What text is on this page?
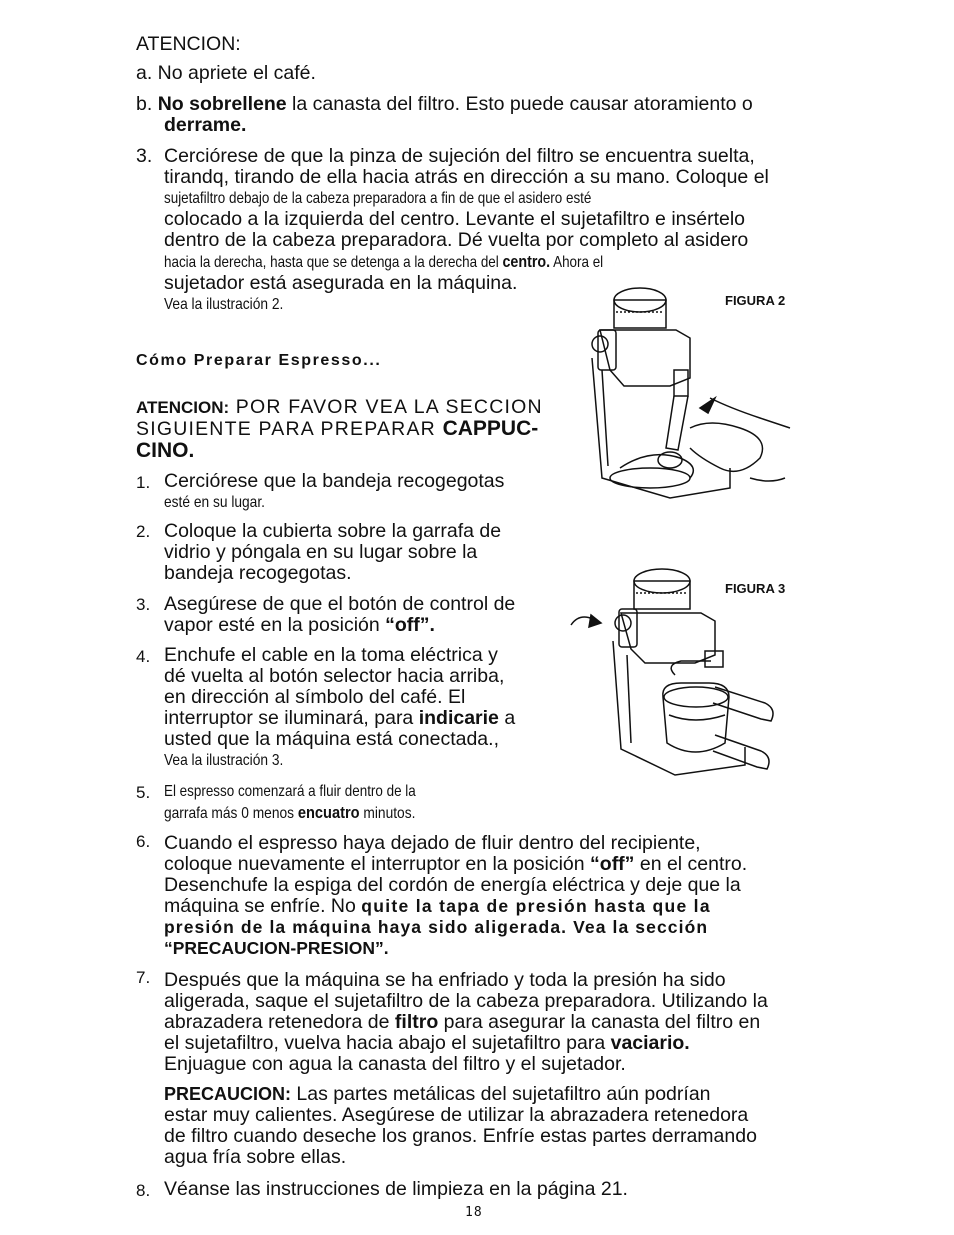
ATENCION:
a. No apriete el café.
b. No sobrellene la canasta del filtro. Esto puede causar atoramiento o
derrame.
3. Cerciórese de que la pinza de sujeción del filtro se encuentra suelta,
tirandq, tirando de ella hacia atrás en dirección a su mano. Coloque el
sujetafiltro debajo de la cabeza preparadora a fin de que el asidero esté
colocado a la izquierda del centro. Levante el sujetafiltro e insértelo
dentro de la cabeza preparadora. Dé vuelta por completo al asidero
hacia la derecha, hasta que se detenga a la derecha del centro. Ahora el
sujetador está asegurada en la máquina.
Vea la ilustración 2.	FIGURA 2
Cómo Preparar Espresso...
ATENCION: POR FAVOR VEA LA SECCION
SIGUIENTE PARA PREPARAR CAPPUC-
CINO.
1. Cerciórese que la bandeja recogegotas
esté en su lugar.
2. Coloque la cubierta sobre la garrafa de
vidrio y póngala en su lugar sobre la
bandeja recogegotas.
3. Asegúrese de que el botón de control de
vapor esté en la posición “off”.
4. Enchufe el cable en la toma eléctrica y
dé vuelta al botón selector hacia arriba,
en dirección al símbolo del café. El
interruptor se iluminará, para indicarie a
usted que la máquina está conectada.,
Vea la ilustración 3.
5. El espresso comenzará a fluir dentro de la
garrafa más 0 menos encuatro minutos.
FIGURA 3
6. Cuando el espresso haya dejado de fluir dentro del recipiente,
coloque nuevamente el interruptor en la posición “off” en el centro.
Desenchufe la espiga del cordón de energía eléctrica y deje que la
máquina se enfríe. No quite la tapa de presión hasta que la
presión de la máquina haya sido aligerada. Vea la sección
“PRECAUCION-PRESION”.
7. Después que la máquina se ha enfriado y toda la presión ha sido
aligerada, saque el sujetafiltro de la cabeza preparadora. Utilizando la
abrazadera retenedora de filtro para asegurar la canasta del filtro en
el sujetafiltro, vuelva hacia abajo el sujetafiltro para vaciario.
Enjuague con agua la canasta del filtro y el sujetador.
PRECAUCION: Las partes metálicas del sujetafiltro aún podrían
estar muy calientes. Asegúrese de utilizar la abrazadera retenedora
de filtro cuando deseche los granos. Enfríe estas partes derramando
agua fría sobre ellas.
8. Véanse las instrucciones de limpieza en la página 21.
18
